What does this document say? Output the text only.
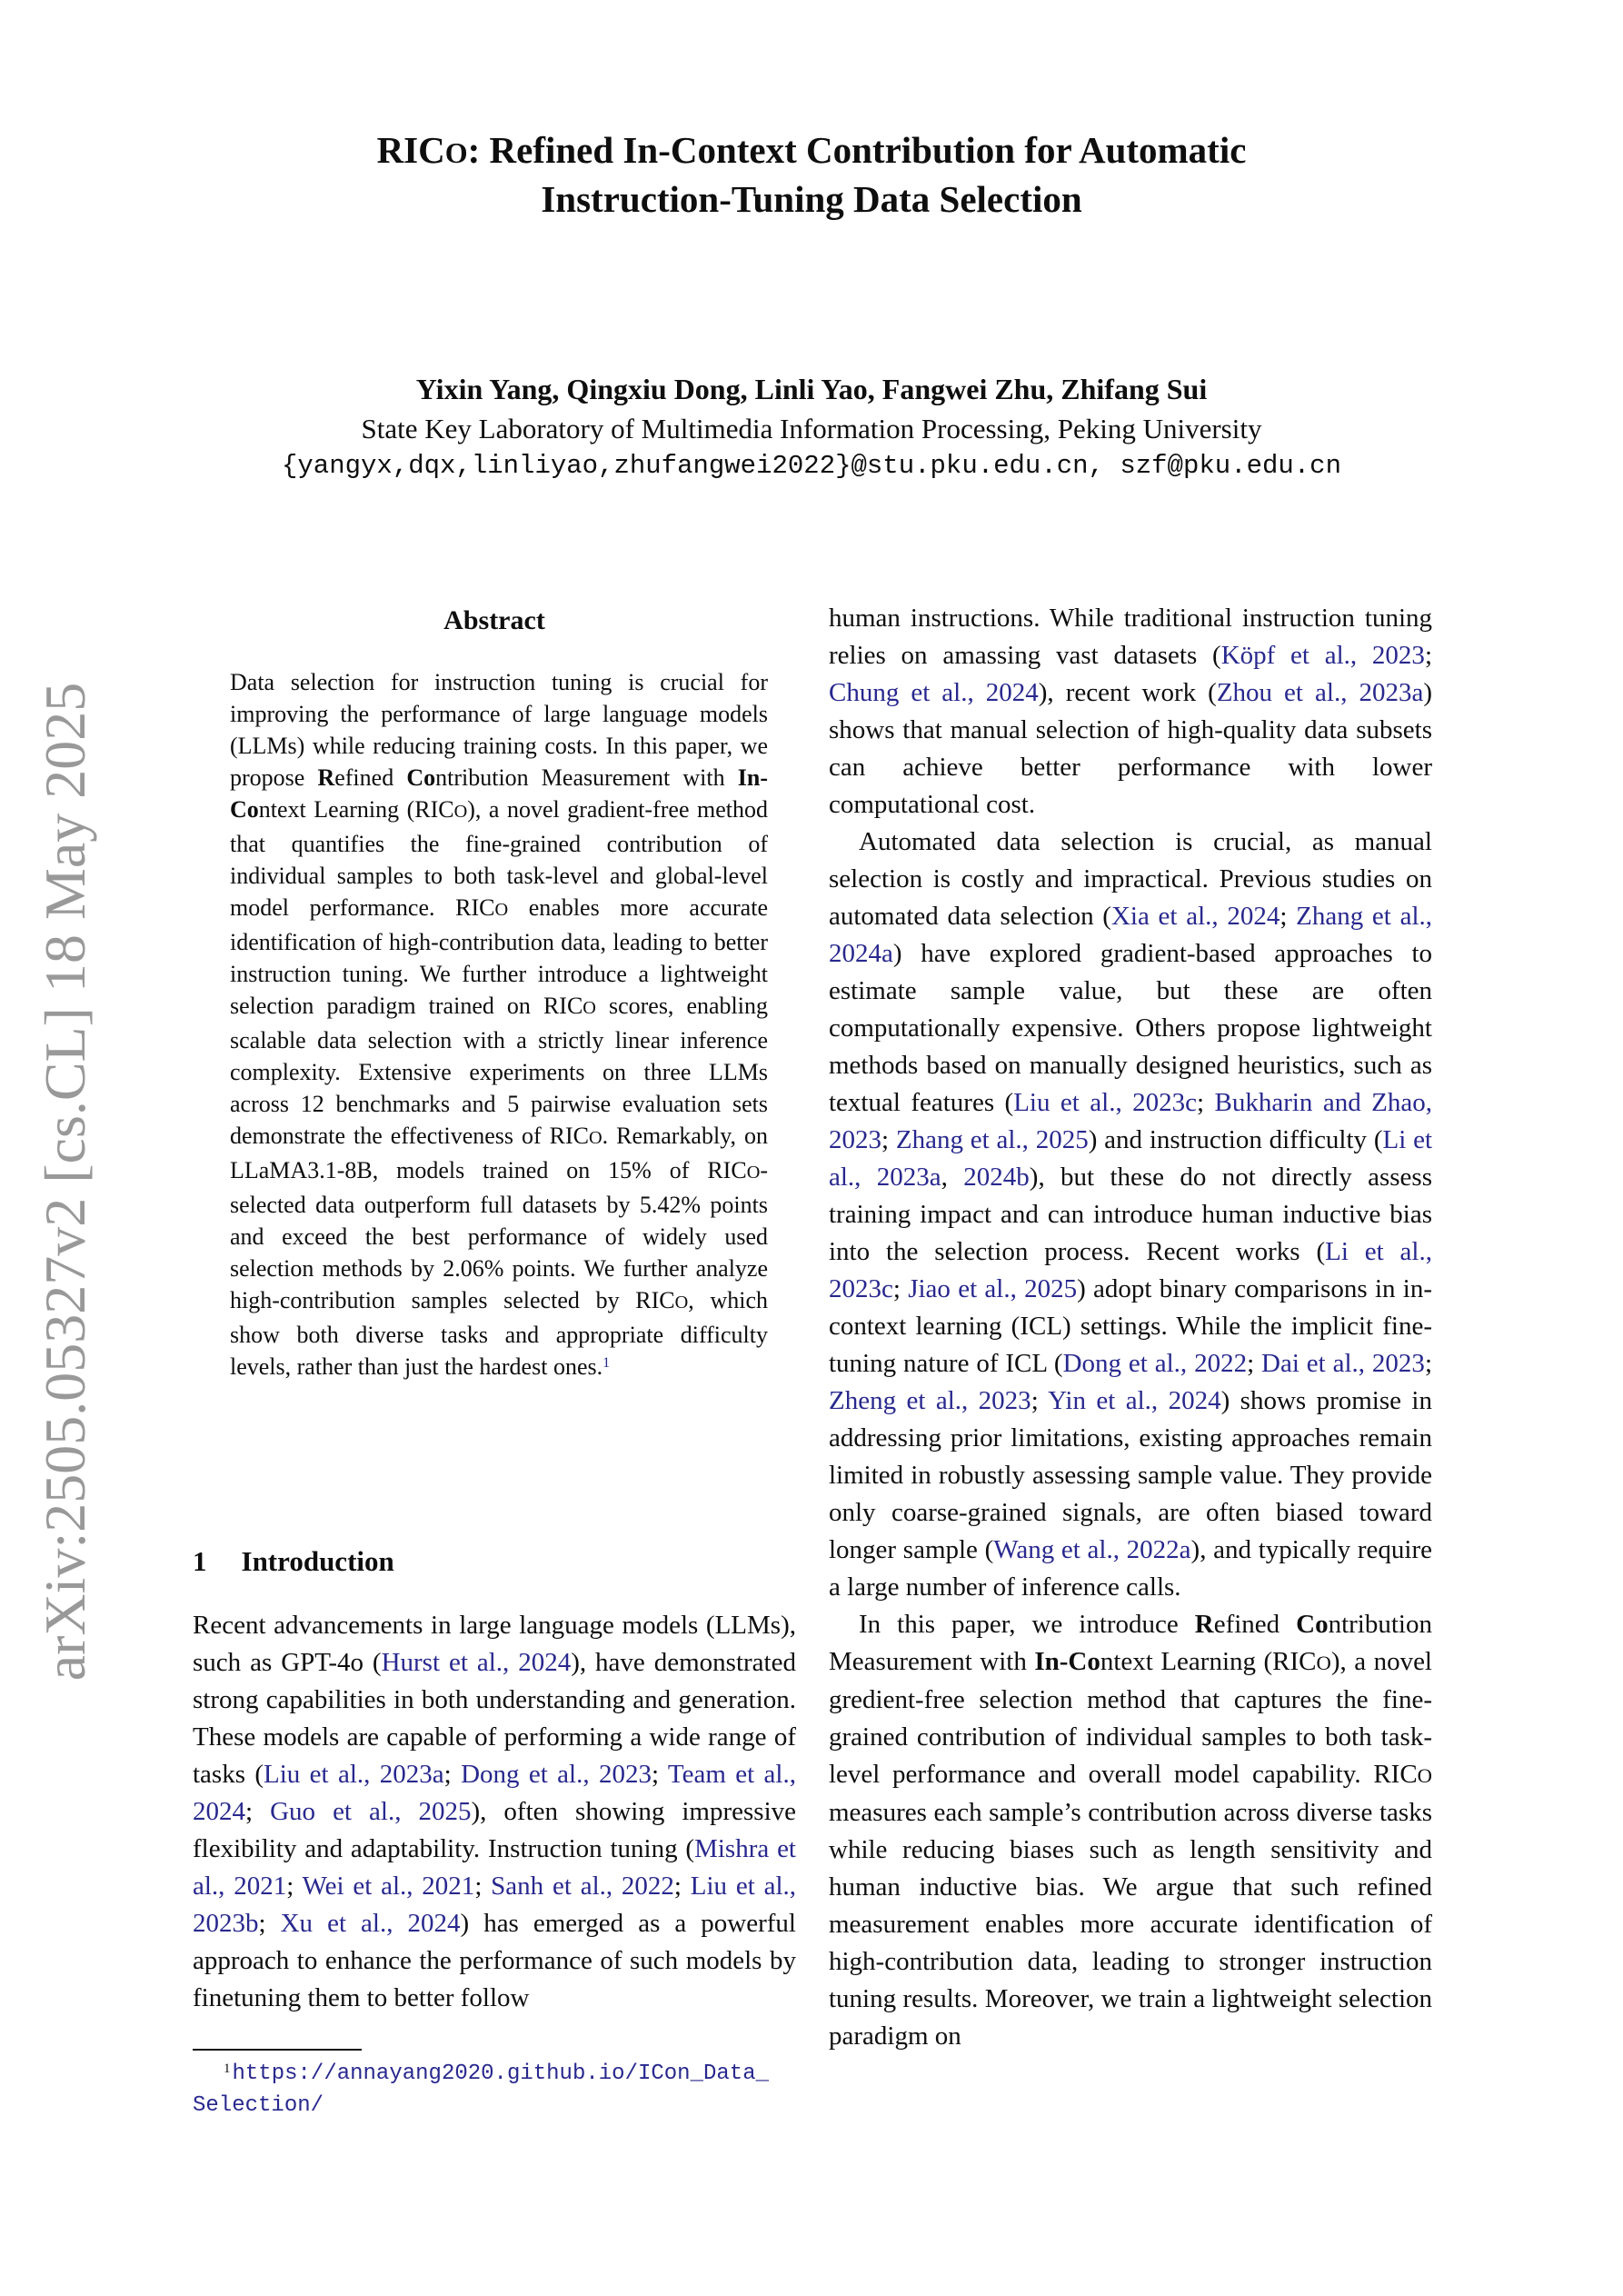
arXiv:2505.05327v2 [cs.CL] 18 May 2025
RICO: Refined In-Context Contribution for Automatic
Instruction-Tuning Data Selection
Yixin Yang, Qingxiu Dong, Linli Yao, Fangwei Zhu, Zhifang Sui
State Key Laboratory of Multimedia Information Processing, Peking University
{yangyx,dqx,linliyao,zhufangwei2022}@stu.pku.edu.cn, szf@pku.edu.cn
Abstract

Data selection for instruction tuning is crucial for improving the performance of large language models (LLMs) while reducing training costs. In this paper, we propose Refined Contribution Measurement with In-Context Learning (RICO), a novel gradient-free method that quantifies the fine-grained contribution of individual samples to both task-level and global-level model performance. RICO enables more accurate identification of high-contribution data, leading to better instruction tuning. We further introduce a lightweight selection paradigm trained on RICO scores, enabling scalable data selection with a strictly linear inference complexity. Extensive experiments on three LLMs across 12 benchmarks and 5 pairwise evaluation sets demonstrate the effectiveness of RICO. Remarkably, on LLaMA3.1-8B, models trained on 15% of RICO-selected data outperform full datasets by 5.42% points and exceed the best performance of widely used selection methods by 2.06% points. We further analyze high-contribution samples selected by RICO, which show both diverse tasks and appropriate difficulty levels, rather than just the hardest ones.$^1$

1 Introduction

Recent advancements in large language models (LLMs), such as GPT-4o (Hurst et al., 2024), have demonstrated strong capabilities in both understanding and generation. These models are capable of performing a wide range of tasks (Liu et al., 2023a; Dong et al., 2023; Team et al., 2024; Guo et al., 2025), often showing impressive flexibility and adaptability. Instruction tuning (Mishra et al., 2021; Wei et al., 2021; Sanh et al., 2022; Liu et al., 2023b; Xu et al., 2024) has emerged as a powerful approach to enhance the performance of such models by finetuning them to better follow

$^1$https://annayang2020.github.io/ICon_Data_
Selection/

human instructions. While traditional instruction tuning relies on amassing vast datasets (Köpf et al., 2023; Chung et al., 2024), recent work (Zhou et al., 2023a) shows that manual selection of high-quality data subsets can achieve better performance with lower computational cost.

Automated data selection is crucial, as manual selection is costly and impractical. Previous studies on automated data selection (Xia et al., 2024; Zhang et al., 2024a) have explored gradient-based approaches to estimate sample value, but these are often computationally expensive. Others propose lightweight methods based on manually designed heuristics, such as textual features (Liu et al., 2023c; Bukharin and Zhao, 2023; Zhang et al., 2025) and instruction difficulty (Li et al., 2023a, 2024b), but these do not directly assess training impact and can introduce human inductive bias into the selection process. Recent works (Li et al., 2023c; Jiao et al., 2025) adopt binary comparisons in in-context learning (ICL) settings. While the implicit fine-tuning nature of ICL (Dong et al., 2022; Dai et al., 2023; Zheng et al., 2023; Yin et al., 2024) shows promise in addressing prior limitations, existing approaches remain limited in robustly assessing sample value. They provide only coarse-grained signals, are often biased toward longer sample (Wang et al., 2022a), and typically require a large number of inference calls.

In this paper, we introduce Refined Contribution Measurement with In-Context Learning (RICO), a novel gredient-free selection method that captures the fine-grained contribution of individual samples to both task-level performance and overall model capability. RICO measures each sample’s contribution across diverse tasks while reducing biases such as length sensitivity and human inductive bias. We argue that such refined measurement enables more accurate identification of high-contribution data, leading to stronger instruction tuning results. Moreover, we train a lightweight selection paradigm on
